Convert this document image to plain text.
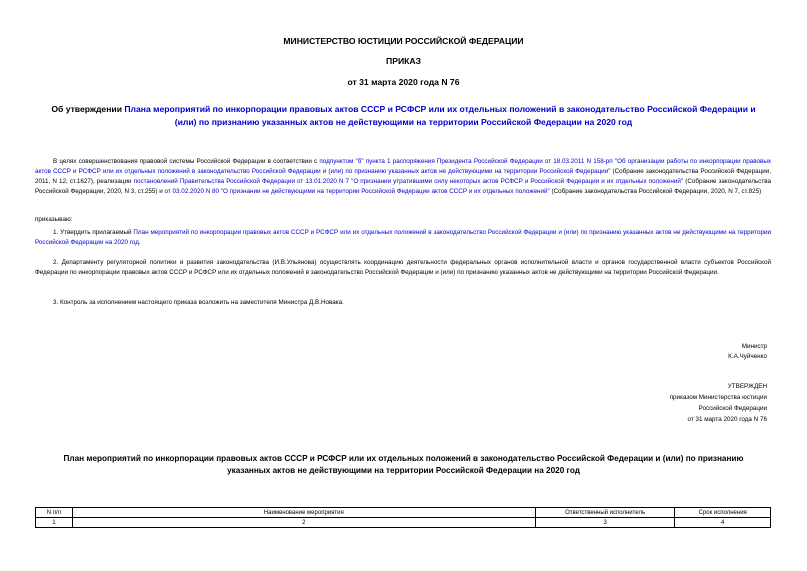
МИНИСТЕРСТВО ЮСТИЦИИ РОССИЙСКОЙ ФЕДЕРАЦИИ
ПРИКАЗ
от 31 марта 2020 года N 76
Об утверждении Плана мероприятий по инкорпорации правовых актов СССР и РСФСР или их отдельных положений в законодательство Российской Федерации и (или) по признанию указанных актов не действующими на территории Российской Федерации на 2020 год
В целях совершенствования правовой системы Российской Федерации в соответствии с подпунктом "б" пункта 1 распоряжения Президента Российской Федерации от 18.03.2011 N 158-рп "Об организации работы по инкорпорации правовых актов СССР и РСФСР или их отдельных положений в законодательство Российской Федерации и (или) по признанию указанных актов не действующими на территории Российской Федерации" (Собрание законодательства Российской Федерации, 2011, N 12, ст.1627), реализации постановлений Правительства Российской Федерации от 13.01.2020 N 7 "О признании утратившими силу некоторых актов РСФСР и Российской Федерации и их отдельных положений" (Собрание законодательства Российской Федерации, 2020, N 3, ст.255) и от 03.02.2020 N 80 "О признании не действующими на территории Российской Федерации актов СССР и их отдельных положений" (Собрание законодательства Российской Федерации, 2020, N 7, ст.825)
приказываю:
1. Утвердить прилагаемый План мероприятий по инкорпорации правовых актов СССР и РСФСР или их отдельных положений в законодательство Российской Федерации и (или) по признанию указанных актов не действующими на территории Российской Федерации на 2020 год.
2. Департаменту регуляторной политики и развития законодательства (И.В.Ульянова) осуществлять координацию деятельности федеральных органов исполнительной власти и органов государственной власти субъектов Российской Федерации по инкорпорации правовых актов СССР и РСФСР или их отдельных положений в законодательство Российской Федерации и (или) по признанию указанных актов не действующими на территории Российской Федерации.
3. Контроль за исполнением настоящего приказа возложить на заместителя Министра Д.В.Новака.
Министр
К.А.Чуйченко
УТВЕРЖДЕН
приказом Министерства юстиции
Российской Федерации
от 31 марта 2020 года N 76
План мероприятий по инкорпорации правовых актов СССР и РСФСР или их отдельных положений в законодательство Российской Федерации и (или) по признанию указанных актов не действующими на территории Российской Федерации на 2020 год
N п/п	Наименование мероприятия	Ответственный исполнитель	Срок исполнения
1	2	3	4
